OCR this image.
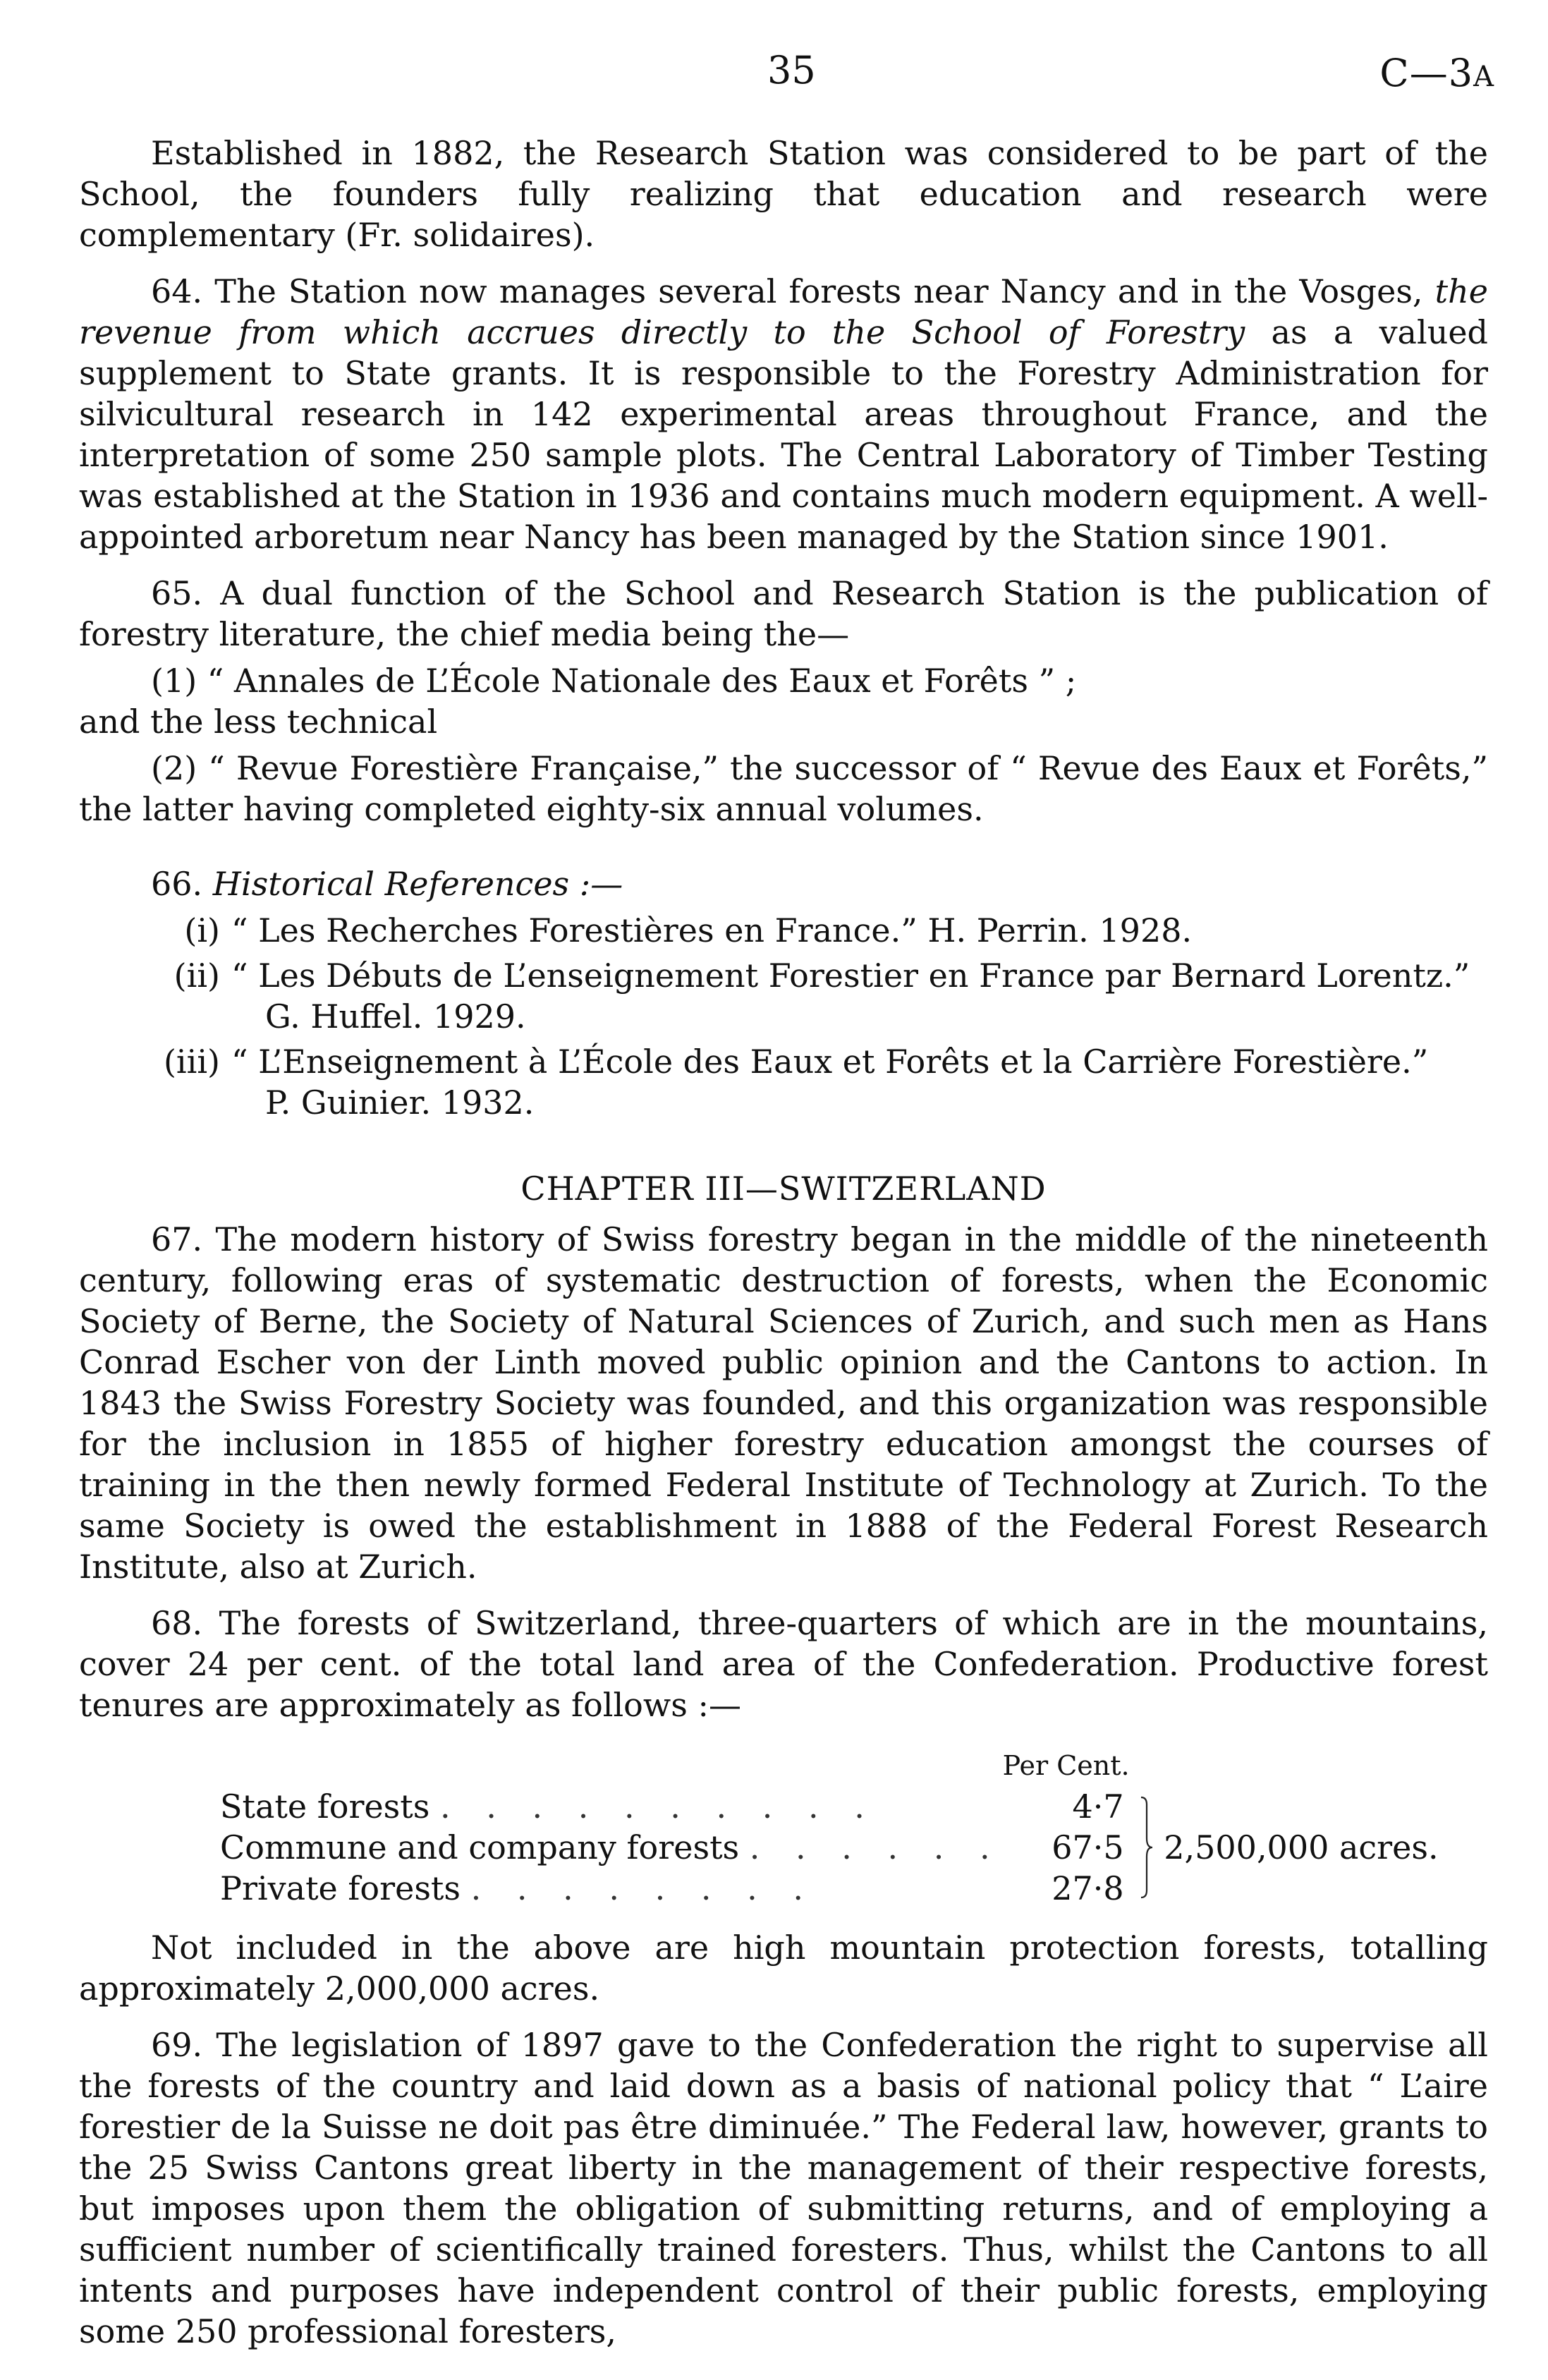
35	C—3A

Established in 1882, the Research Station was considered to be part of the School, the founders fully realizing that education and research were complementary (Fr. solidaires).

64. The Station now manages several forests near Nancy and in the Vosges, the revenue from which accrues directly to the School of Forestry as a valued supplement to State grants. It is responsible to the Forestry Administration for silvicultural research in 142 experimental areas throughout France, and the interpretation of some 250 sample plots. The Central Laboratory of Timber Testing was established at the Station in 1936 and contains much modern equipment. A well-appointed arboretum near Nancy has been managed by the Station since 1901.

65. A dual function of the School and Research Station is the publication of forestry literature, the chief media being the—

(1) “ Annales de L’École Nationale des Eaux et Forêts ” ;

and the less technical

(2) “ Revue Forestière Française,” the successor of “ Revue des Eaux et Forêts,” the latter having completed eighty-six annual volumes.

66. Historical References :—

(i) “ Les Recherches Forestières en France.” H. Perrin. 1928.
(ii) “ Les Débuts de L’enseignement Forestier en France par Bernard Lorentz.”
G. Huffel. 1929.
(iii) “ L’Enseignement à L’École des Eaux et Forêts et la Carrière Forestière.”
P. Guinier. 1932.
CHAPTER III—SWITZERLAND

67. The modern history of Swiss forestry began in the middle of the nineteenth century, following eras of systematic destruction of forests, when the Economic Society of Berne, the Society of Natural Sciences of Zurich, and such men as Hans Conrad Escher von der Linth moved public opinion and the Cantons to action. In 1843 the Swiss Forestry Society was founded, and this organization was responsible for the inclusion in 1855 of higher forestry education amongst the courses of training in the then newly formed Federal Institute of Technology at Zurich. To the same Society is owed the establishment in 1888 of the Federal Forest Research Institute, also at Zurich.

68. The forests of Switzerland, three-quarters of which are in the mountains, cover 24 per cent. of the total land area of the Confederation. Productive forest tenures are approximately as follows :—

	Per Cent.	
State forests . . . . . . . . . .	4·7	2,500,000 acres.
Commune and company forests . . . . . .	67·5	
Private forests . . . . . . . .	27·8	

Not included in the above are high mountain protection forests, totalling approximately 2,000,000 acres.

69. The legislation of 1897 gave to the Confederation the right to supervise all the forests of the country and laid down as a basis of national policy that “ L’aire forestier de la Suisse ne doit pas être diminuée.” The Federal law, however, grants to the 25 Swiss Cantons great liberty in the management of their respective forests, but imposes upon them the obligation of submitting returns, and of employing a sufficient number of scientifically trained foresters. Thus, whilst the Cantons to all intents and purposes have independent control of their public forests, employing some 250 professional foresters,
